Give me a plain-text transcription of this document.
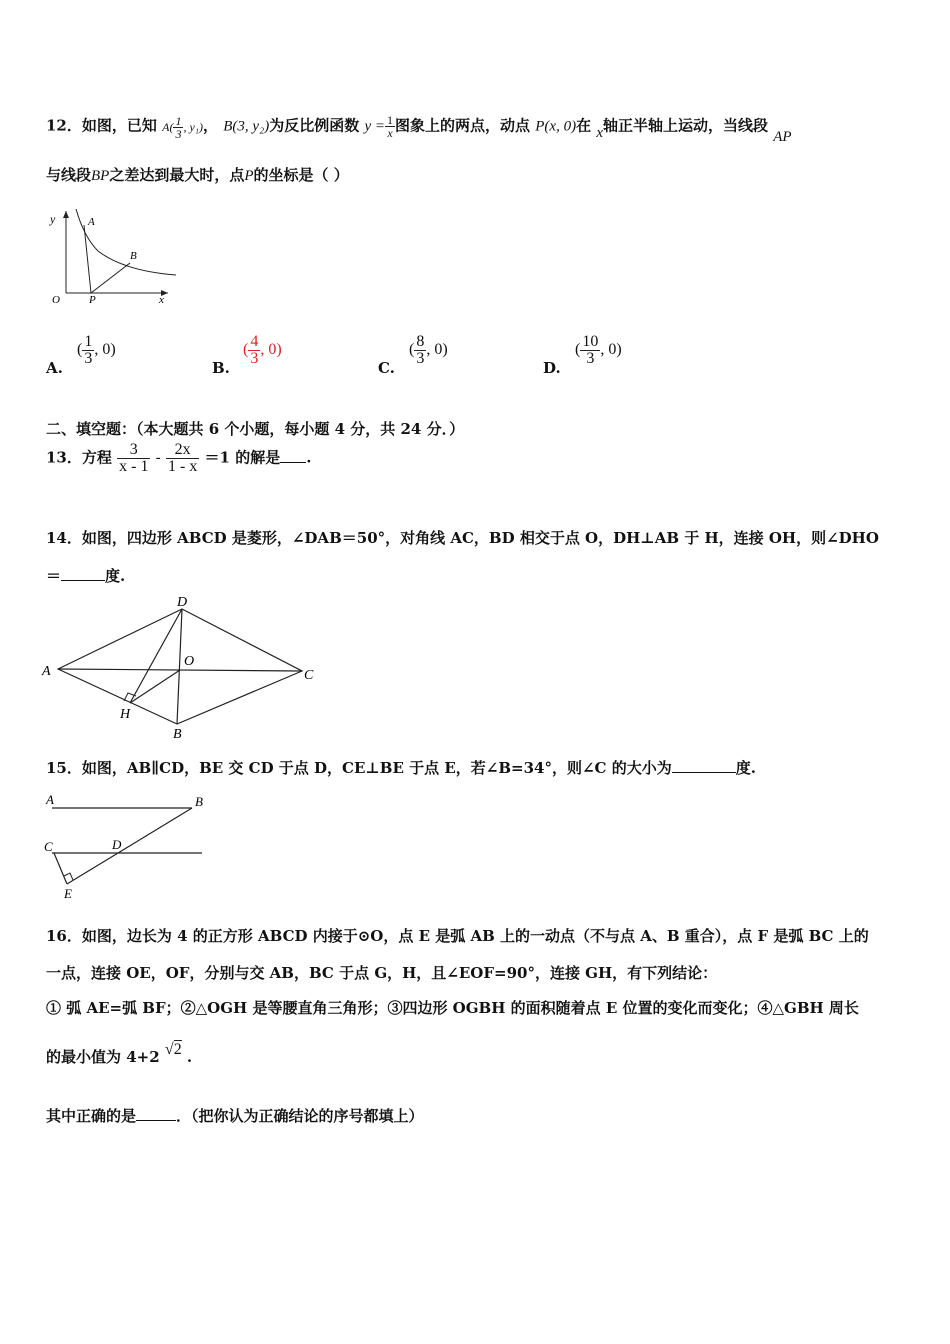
12．如图，已知 $A( \frac{1}{3}$ , y₁)， B(3, y₂)为反比例函数 $y = \frac{1}{x}$ 图象上的两点，动点 P(x, 0)在 x轴正半轴上运动，当线段 AP
与线段BP之差达到最大时，点P的坐标是（ ）
y	A
B
O	P	x
A.
( $\frac{1}{3}$ , 0)
B.
( $\frac{4}{3}$ , 0)
C.
( $\frac{8}{3}$ , 0)
D.
( $\frac{10}{3}$ , 0)
二、填空题：（本大题共 6 个小题，每小题 4 分，共 24 分．）
13．方程 $\frac{3}{x - 1} - \frac{2x}{1 - x} =1$ 的解是 .
14．如图，四边形 ABCD 是菱形，∠DAB＝50°，对角线 AC，BD 相交于点 O，DH⊥AB 于 H，连接 OH，则∠DHO
＝	度.
A
B
C
D
O
H
15．如图，AB∥CD，BE 交 CD 于点 D，CE⊥BE 于点 E，若∠B=34°，则∠C 的大小为	度.
A	B
C	D
E
16．如图，边长为 4 的正方形 ABCD 内接于⊙O，点 E 是弧 AB 上的一动点（不与点 A、B 重合），点 F 是弧 BC 上的
一点，连接 OE，OF，分别与交 AB，BC 于点 G，H，且∠EOF=90°，连接 GH，有下列结论：
① 弧 AE=弧 BF；②△OGH 是等腰直角三角形；③四边形 OGBH 的面积随着点 E 位置的变化而变化；④△GBH 周长
的最小值为 4+2 √2 .
其中正确的是	．（把你认为正确结论的序号都填上）
